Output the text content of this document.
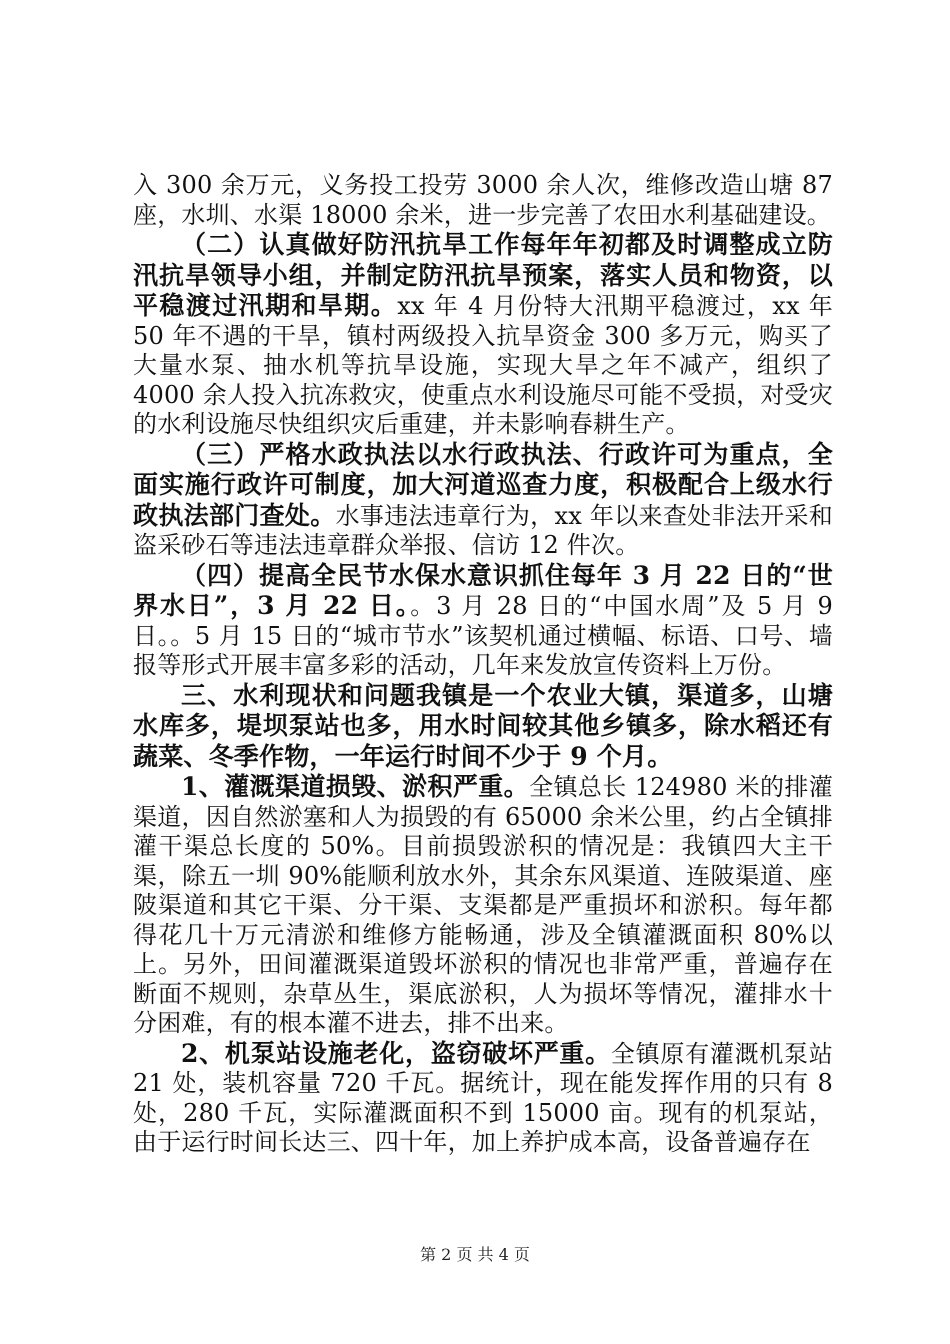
入 300 余万元，义务投工投劳 3000 余人次，维修改造山塘 87 座，水圳、水渠 18000 余米，进一步完善了农田水利基础建设。

（二）认真做好防汛抗旱工作每年年初都及时调整成立防汛抗旱领导小组，并制定防汛抗旱预案，落实人员和物资，以平稳渡过汛期和旱期。xx 年 4 月份特大汛期平稳渡过，xx 年 50 年不遇的干旱，镇村两级投入抗旱资金 300 多万元，购买了大量水泵、抽水机等抗旱设施，实现大旱之年不减产，组织了 4000 余人投入抗冻救灾，使重点水利设施尽可能不受损，对受灾的水利设施尽快组织灾后重建，并未影响春耕生产。

（三）严格水政执法以水行政执法、行政许可为重点，全面实施行政许可制度，加大河道巡查力度，积极配合上级水行政执法部门查处。水事违法违章行为，xx 年以来查处非法开采和盗采砂石等违法违章群众举报、信访 12 件次。

（四）提高全民节水保水意识抓住每年 3 月 22 日的“世界水日”，3 月 22 日。。3 月 28 日的“中国水周”及 5 月 9 日。。5 月 15 日的“城市节水”该契机通过横幅、标语、口号、墙报等形式开展丰富多彩的活动，几年来发放宣传资料上万份。

三、水利现状和问题我镇是一个农业大镇，渠道多，山塘水库多，堤坝泵站也多，用水时间较其他乡镇多，除水稻还有蔬菜、冬季作物，一年运行时间不少于 9 个月。

1、灌溉渠道损毁、淤积严重。全镇总长 124980 米的排灌渠道，因自然淤塞和人为损毁的有 65000 余米公里，约占全镇排灌干渠总长度的 50%。目前损毁淤积的情况是：我镇四大主干渠，除五一圳 90%能顺利放水外，其余东风渠道、连陂渠道、座陂渠道和其它干渠、分干渠、支渠都是严重损坏和淤积。每年都得花几十万元清淤和维修方能畅通，涉及全镇灌溉面积 80%以上。另外，田间灌溉渠道毁坏淤积的情况也非常严重，普遍存在断面不规则，杂草丛生，渠底淤积，人为损坏等情况，灌排水十分困难，有的根本灌不进去，排不出来。

2、机泵站设施老化，盗窃破坏严重。全镇原有灌溉机泵站 21 处，装机容量 720 千瓦。据统计，现在能发挥作用的只有 8 处，280 千瓦，实际灌溉面积不到 15000 亩。现有的机泵站，由于运行时间长达三、四十年，加上养护成本高，设备普遍存在

第 2 页 共 4 页
